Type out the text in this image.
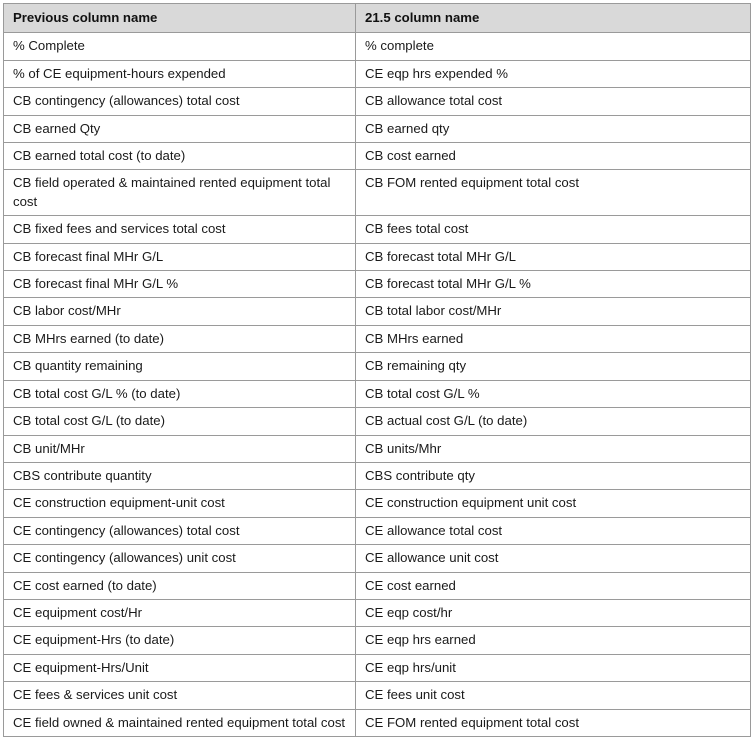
Previous column name	21.5 column name
% Complete	% complete
% of CE equipment-hours expended	CE eqp hrs expended %
CB contingency (allowances) total cost	CB allowance total cost
CB earned Qty	CB earned qty
CB earned total cost (to date)	CB cost earned
CB field operated & maintained rented equipment total cost	CB FOM rented equipment total cost
CB fixed fees and services total cost	CB fees total cost
CB forecast final MHr G/L	CB forecast total MHr G/L
CB forecast final MHr G/L %	CB forecast total MHr G/L %
CB labor cost/MHr	CB total labor cost/MHr
CB MHrs earned (to date)	CB MHrs earned
CB quantity remaining	CB remaining qty
CB total cost G/L % (to date)	CB total cost G/L %
CB total cost G/L (to date)	CB actual cost G/L (to date)
CB unit/MHr	CB units/Mhr
CBS contribute quantity	CBS contribute qty
CE construction equipment-unit cost	CE construction equipment unit cost
CE contingency (allowances) total cost	CE allowance total cost
CE contingency (allowances) unit cost	CE allowance unit cost
CE cost earned (to date)	CE cost earned
CE equipment cost/Hr	CE eqp cost/hr
CE equipment-Hrs (to date)	CE eqp hrs earned
CE equipment-Hrs/Unit	CE eqp hrs/unit
CE fees & services unit cost	CE fees unit cost
CE field owned & maintained rented equipment total cost	CE FOM rented equipment total cost
